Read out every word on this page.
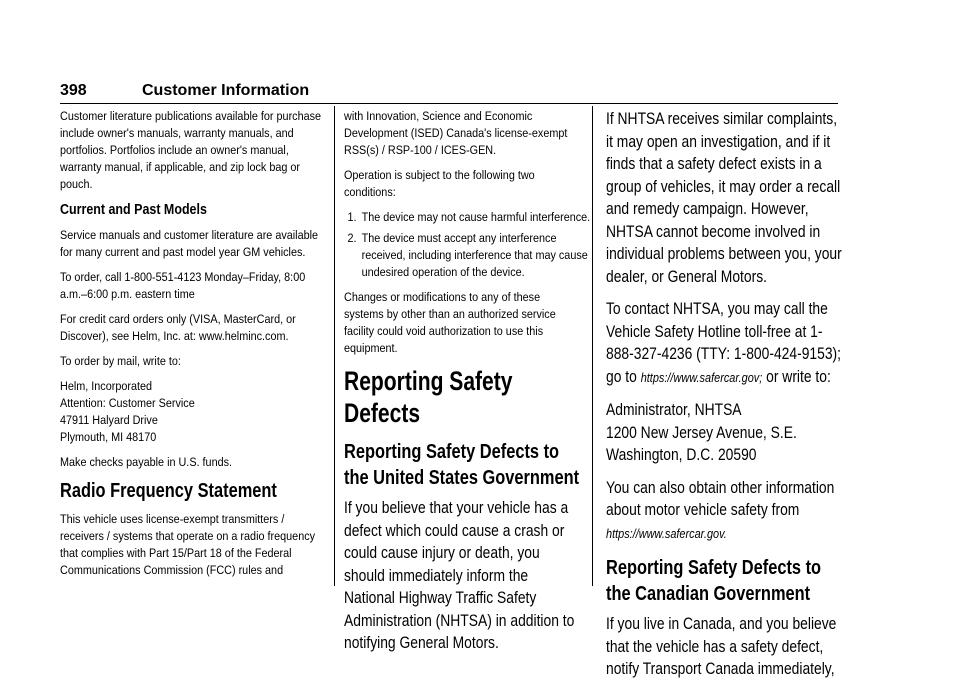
398	Customer Information

Customer literature publications available for purchase include owner's manuals, warranty manuals, and portfolios. Portfolios include an owner's manual, warranty manual, if applicable, and zip lock bag or pouch.

Current and Past Models

Service manuals and customer literature are available for many current and past model year GM vehicles.

To order, call 1-800-551-4123 Monday–Friday, 8:00 a.m.–6:00 p.m. eastern time

For credit card orders only (VISA, MasterCard, or Discover), see Helm, Inc. at: www.helminc.com.

To order by mail, write to:

Helm, Incorporated
Attention: Customer Service
47911 Halyard Drive
Plymouth, MI 48170

Make checks payable in U.S. funds.

Radio Frequency Statement

This vehicle uses license-exempt transmitters / receivers / systems that operate on a radio frequency that complies with Part 15/Part 18 of the Federal Communications Commission (FCC) rules and

with Innovation, Science and Economic Development (ISED) Canada's license-exempt RSS(s) / RSP-100 / ICES-GEN.

Operation is subject to the following two conditions:

1. The device may not cause harmful interference.
2. The device must accept any interference received, including interference that may cause undesired operation of the device.

Changes or modifications to any of these systems by other than an authorized service facility could void authorization to use this equipment.

Reporting Safety Defects

Reporting Safety Defects to the United States Government

If you believe that your vehicle has a defect which could cause a crash or could cause injury or death, you should immediately inform the National Highway Traffic Safety Administration (NHTSA) in addition to notifying General Motors.

If NHTSA receives similar complaints, it may open an investigation, and if it finds that a safety defect exists in a group of vehicles, it may order a recall and remedy campaign. However, NHTSA cannot become involved in individual problems between you, your dealer, or General Motors.

To contact NHTSA, you may call the Vehicle Safety Hotline toll-free at 1-888-327-4236 (TTY: 1-800-424-9153); go to https://www.safercar.gov; or write to:

Administrator, NHTSA
1200 New Jersey Avenue, S.E.
Washington, D.C. 20590

You can also obtain other information about motor vehicle safety from
https://www.safercar.gov.

Reporting Safety Defects to the Canadian Government

If you live in Canada, and you believe that the vehicle has a safety defect, notify Transport Canada immediately,
